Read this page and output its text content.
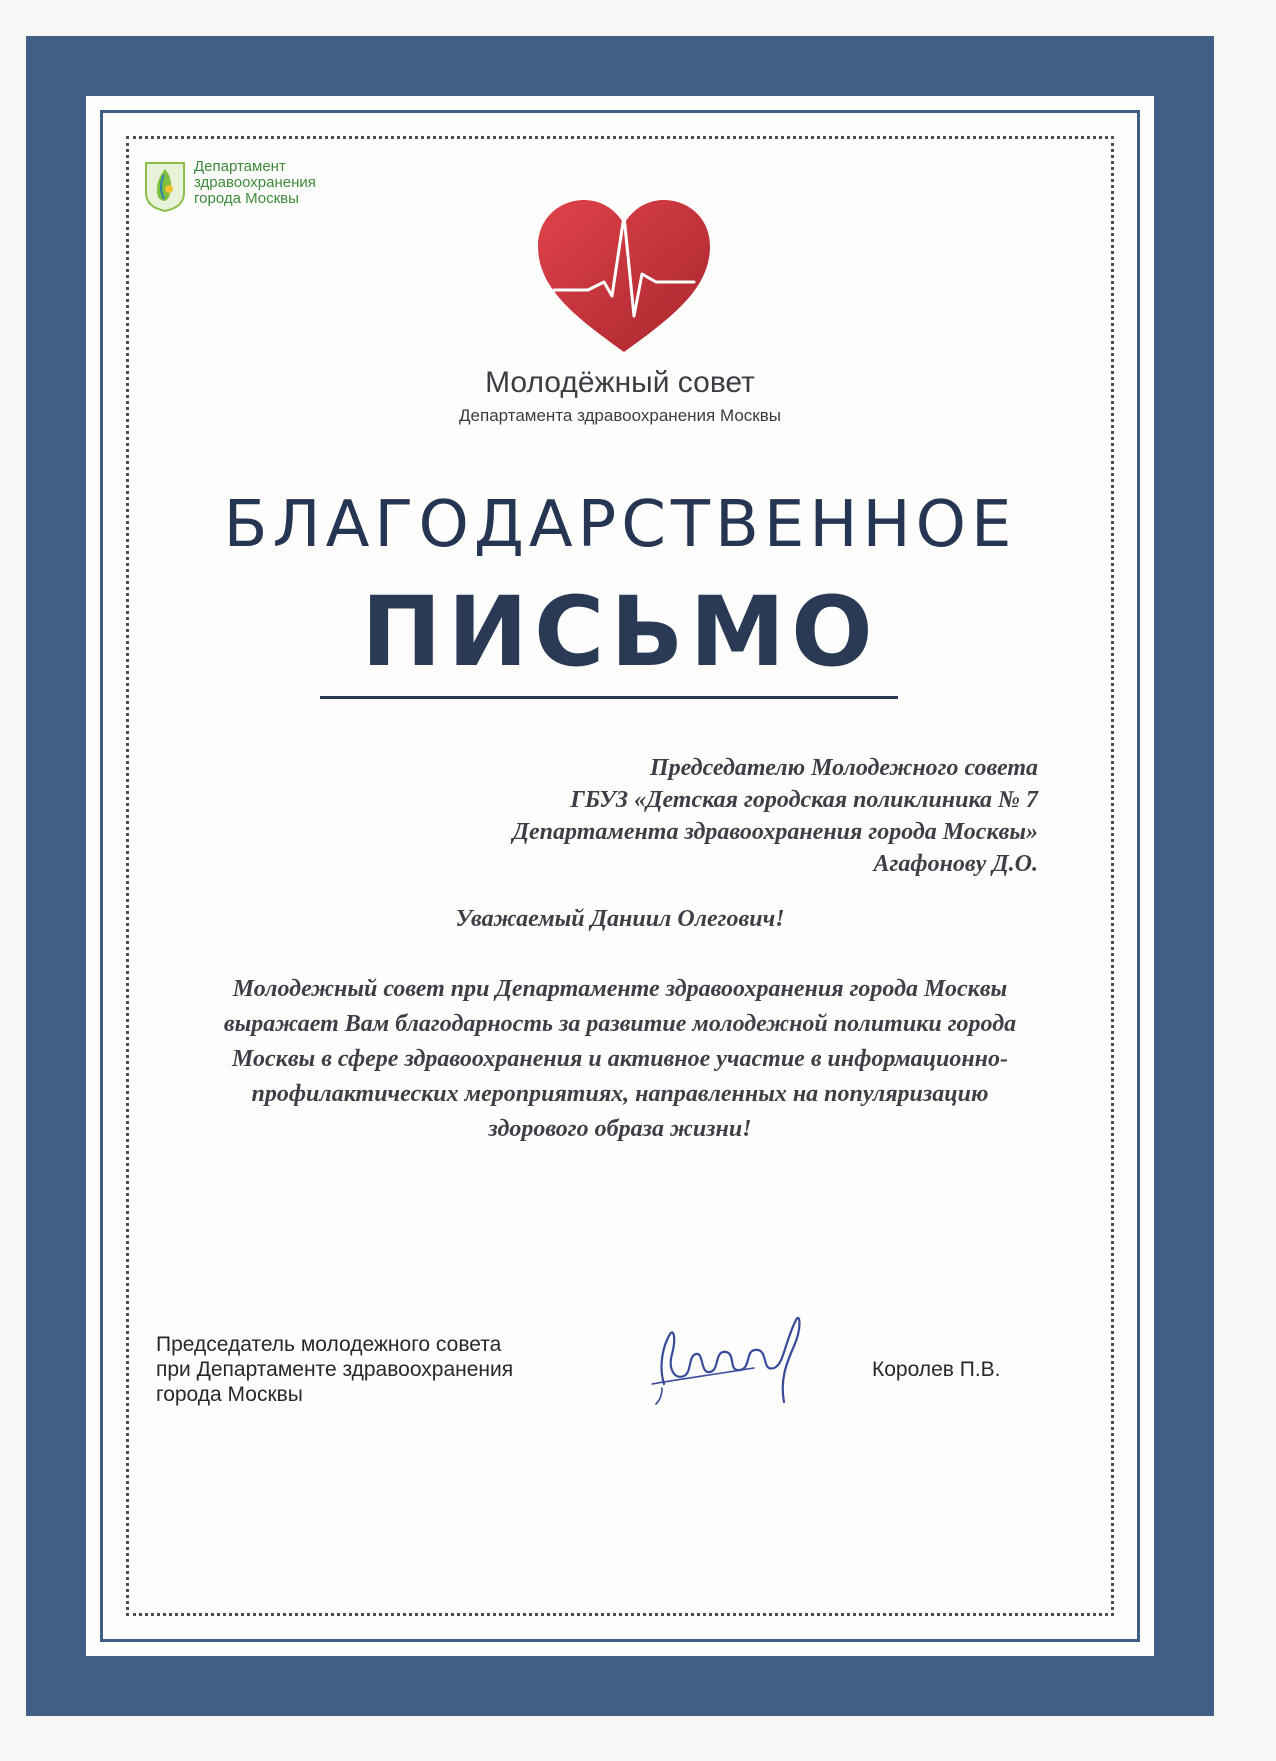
Департамент
здравоохранения
города Москвы
Молодёжный совет
Департамента здравоохранения Москвы
БЛАГОДАРСТВЕННОЕ
ПИСЬМО
Председателю Молодежного совета
ГБУЗ «Детская городская поликлиника № 7
Департамента здравоохранения города Москвы»
Агафонову Д.О.
Уважаемый Даниил Олегович!
Молодежный совет при Департаменте здравоохранения города Москвы
выражает Вам благодарность за развитие молодежной политики города
Москвы в сфере здравоохранения и активное участие в информационно-
профилактических мероприятиях, направленных на популяризацию
здорового образа жизни!
Председатель молодежного совета
при Департаменте здравоохранения
города Москвы
Королев П.В.
